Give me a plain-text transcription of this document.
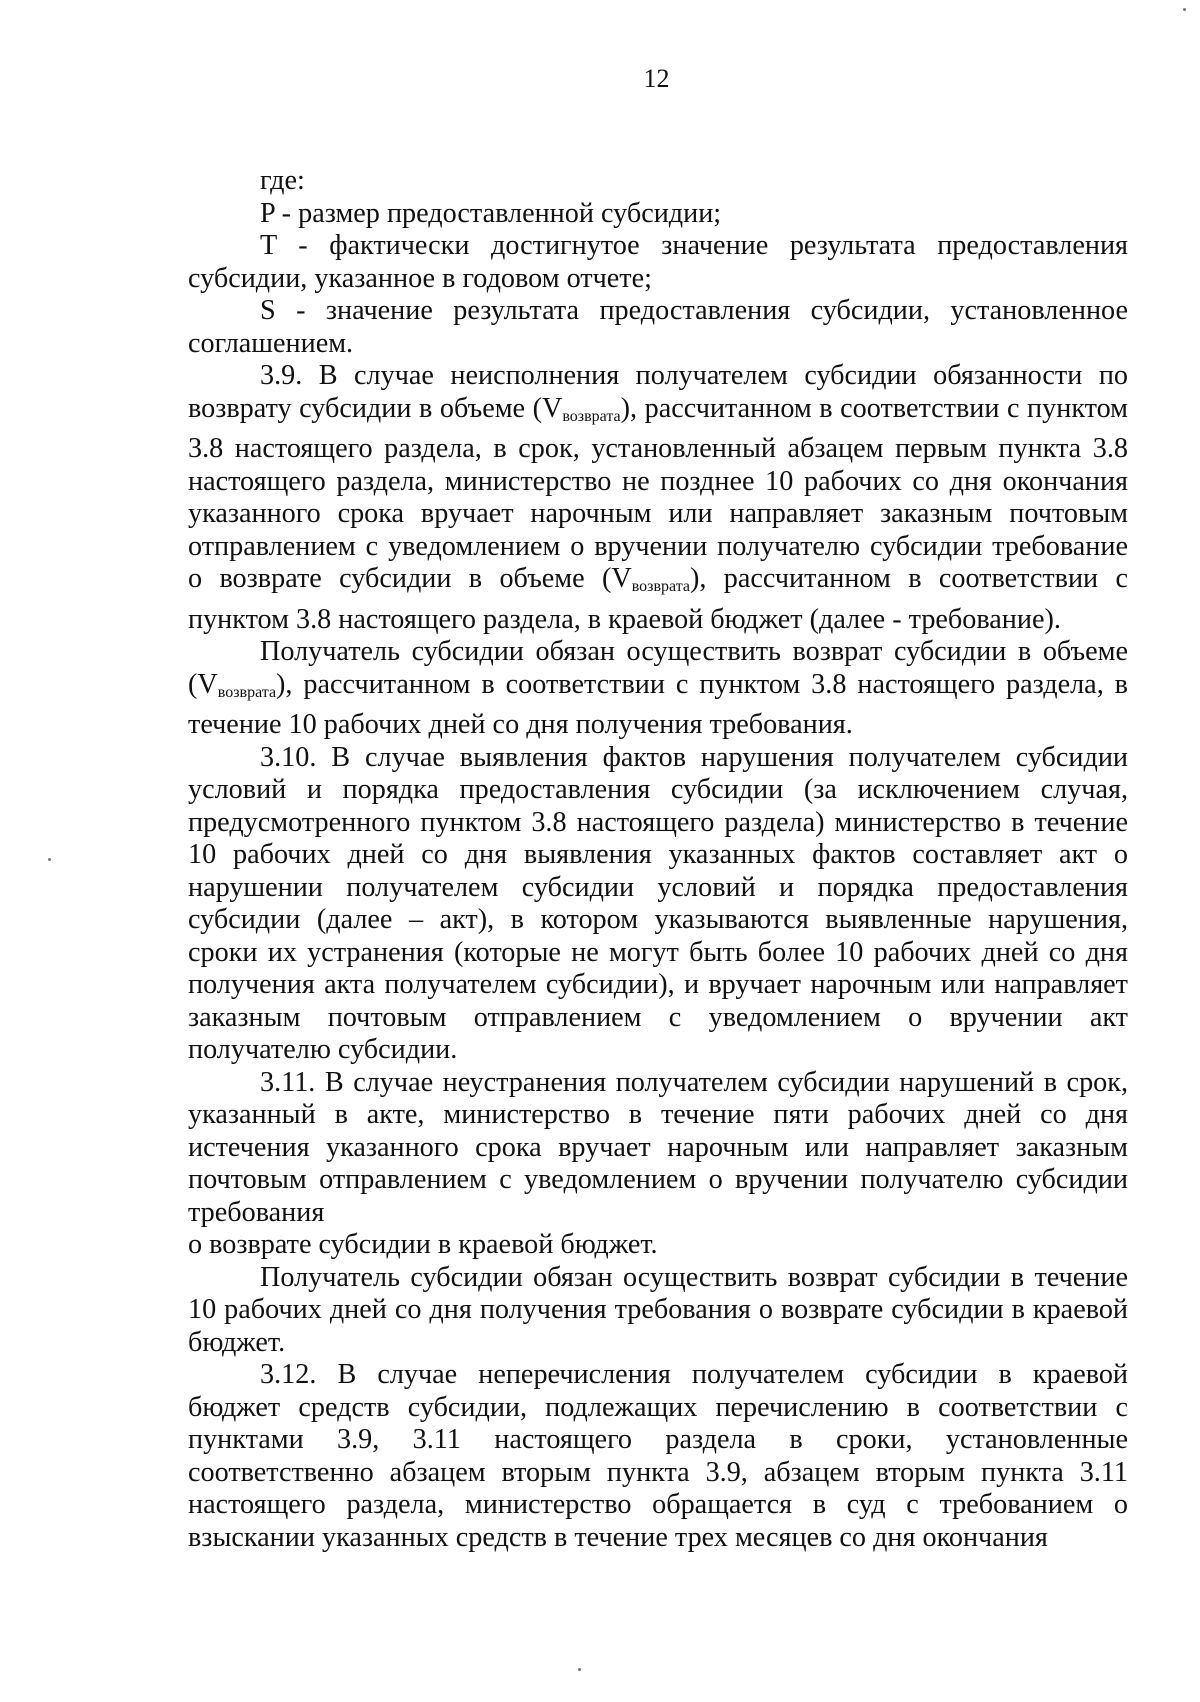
12

где:

P - размер предоставленной субсидии;

T - фактически достигнутое значение результата предоставления субсидии, указанное в годовом отчете;

S - значение результата предоставления субсидии, установленное соглашением.

3.9. В случае неисполнения получателем субсидии обязанности по возврату субсидии в объеме $(V_{возврата})$, рассчитанном в соответствии с пунктом 3.8 настоящего раздела, в срок, установленный абзацем первым пункта 3.8 настоящего раздела, министерство не позднее 10 рабочих со дня окончания указанного срока вручает нарочным или направляет заказным почтовым отправлением с уведомлением о вручении получателю субсидии требование о возврате субсидии в объеме $(V_{возврата})$, рассчитанном в соответствии с пунктом 3.8 настоящего раздела, в краевой бюджет (далее - требование).

Получатель субсидии обязан осуществить возврат субсидии в объеме $(V_{возврата})$, рассчитанном в соответствии с пунктом 3.8 настоящего раздела, в течение 10 рабочих дней со дня получения требования.

3.10. В случае выявления фактов нарушения получателем субсидии условий и порядка предоставления субсидии (за исключением случая, предусмотренного пунктом 3.8 настоящего раздела) министерство в течение 10 рабочих дней со дня выявления указанных фактов составляет акт о нарушении получателем субсидии условий и порядка предоставления субсидии (далее – акт), в котором указываются выявленные нарушения, сроки их устранения (которые не могут быть более 10 рабочих дней со дня получения акта получателем субсидии), и вручает нарочным или направляет заказным почтовым отправлением с уведомлением о вручении акт получателю субсидии.

3.11. В случае неустранения получателем субсидии нарушений в срок, указанный в акте, министерство в течение пяти рабочих дней со дня истечения указанного срока вручает нарочным или направляет заказным почтовым отправлением с уведомлением о вручении получателю субсидии требования

о возврате субсидии в краевой бюджет.

Получатель субсидии обязан осуществить возврат субсидии в течение 10 рабочих дней со дня получения требования о возврате субсидии в краевой бюджет.

3.12. В случае неперечисления получателем субсидии в краевой бюджет средств субсидии, подлежащих перечислению в соответствии с пунктами 3.9, 3.11 настоящего раздела в сроки, установленные соответственно абзацем вторым пункта 3.9, абзацем вторым пункта 3.11 настоящего раздела, министерство обращается в суд с требованием о взыскании указанных средств в течение трех месяцев со дня окончания
